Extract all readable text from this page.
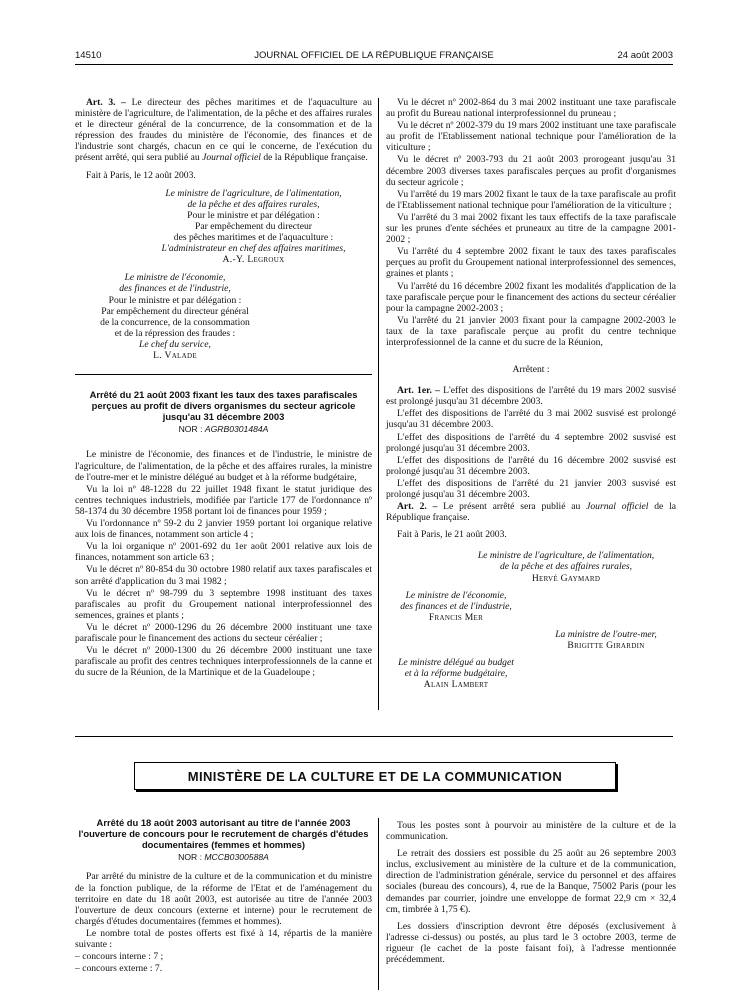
14510	JOURNAL OFFICIEL DE LA RÉPUBLIQUE FRANÇAISE	24 août 2003

Art. 3. – Le directeur des pêches maritimes et de l'aquaculture au ministère de l'agriculture, de l'alimentation, de la pêche et des affaires rurales et le directeur général de la concurrence, de la consommation et de la répression des fraudes du ministère de l'économie, des finances et de l'industrie sont chargés, chacun en ce qui le concerne, de l'exécution du présent arrêté, qui sera publié au Journal officiel de la République française.

Fait à Paris, le 12 août 2003.

Le ministre de l'agriculture, de l'alimentation,
de la pêche et des affaires rurales,
Pour le ministre et par délégation :
Par empêchement du directeur
des pêches maritimes et de l'aquaculture :
L'administrateur en chef des affaires maritimes,
A.-Y. Legroux
Le ministre de l'économie,
des finances et de l'industrie,
Pour le ministre et par délégation :
Par empêchement du directeur général
de la concurrence, de la consommation
et de la répression des fraudes :
Le chef du service,
L. Valade
Arrêté du 21 août 2003 fixant les taux des taxes parafiscales perçues au profit de divers organismes du secteur agricole jusqu'au 31 décembre 2003
NOR : AGRB0301484A

Le ministre de l'économie, des finances et de l'industrie, le ministre de l'agriculture, de l'alimentation, de la pêche et des affaires rurales, la ministre de l'outre-mer et le ministre délégué au budget et à la réforme budgétaire,

Vu la loi nº 48-1228 du 22 juillet 1948 fixant le statut juridique des centres techniques industriels, modifiée par l'article 177 de l'ordonnance nº 58-1374 du 30 décembre 1958 portant loi de finances pour 1959 ;

Vu l'ordonnance nº 59-2 du 2 janvier 1959 portant loi organique relative aux lois de finances, notamment son article 4 ;

Vu la loi organique nº 2001-692 du 1er août 2001 relative aux lois de finances, notamment son article 63 ;

Vu le décret nº 80-854 du 30 octobre 1980 relatif aux taxes parafiscales et son arrêté d'application du 3 mai 1982 ;

Vu le décret nº 98-799 du 3 septembre 1998 instituant des taxes parafiscales au profit du Groupement national interprofessionnel des semences, graines et plants ;

Vu le décret nº 2000-1296 du 26 décembre 2000 instituant une taxe parafiscale pour le financement des actions du secteur céréalier ;

Vu le décret nº 2000-1300 du 26 décembre 2000 instituant une taxe parafiscale au profit des centres techniques interprofessionnels de la canne et du sucre de la Réunion, de la Martinique et de la Guadeloupe ;

Vu le décret nº 2002-864 du 3 mai 2002 instituant une taxe parafiscale au profit du Bureau national interprofessionnel du pruneau ;

Vu le décret nº 2002-379 du 19 mars 2002 instituant une taxe parafiscale au profit de l'Etablissement national technique pour l'amélioration de la viticulture ;

Vu le décret nº 2003-793 du 21 août 2003 prorogeant jusqu'au 31 décembre 2003 diverses taxes parafiscales perçues au profit d'organismes du secteur agricole ;

Vu l'arrêté du 19 mars 2002 fixant le taux de la taxe parafiscale au profit de l'Etablissement national technique pour l'amélioration de la viticulture ;

Vu l'arrêté du 3 mai 2002 fixant les taux effectifs de la taxe parafiscale sur les prunes d'ente séchées et pruneaux au titre de la campagne 2001-2002 ;

Vu l'arrêté du 4 septembre 2002 fixant le taux des taxes parafiscales perçues au profit du Groupement national interprofessionnel des semences, graines et plants ;

Vu l'arrêté du 16 décembre 2002 fixant les modalités d'application de la taxe parafiscale perçue pour le financement des actions du secteur céréalier pour la campagne 2002-2003 ;

Vu l'arrêté du 21 janvier 2003 fixant pour la campagne 2002-2003 le taux de la taxe parafiscale perçue au profit du centre technique interprofessionnel de la canne et du sucre de la Réunion,

Arrêtent :

Art. 1er. – L'effet des dispositions de l'arrêté du 19 mars 2002 susvisé est prolongé jusqu'au 31 décembre 2003.

L'effet des dispositions de l'arrêté du 3 mai 2002 susvisé est prolongé jusqu'au 31 décembre 2003.

L'effet des dispositions de l'arrêté du 4 septembre 2002 susvisé est prolongé jusqu'au 31 décembre 2003.

L'effet des dispositions de l'arrêté du 16 décembre 2002 susvisé est prolongé jusqu'au 31 décembre 2003.

L'effet des dispositions de l'arrêté du 21 janvier 2003 susvisé est prolongé jusqu'au 31 décembre 2003.

Art. 2. – Le présent arrêté sera publié au Journal officiel de la République française.

Fait à Paris, le 21 août 2003.

Le ministre de l'agriculture, de l'alimentation,
de la pêche et des affaires rurales,
Hervé Gaymard
Le ministre de l'économie,
des finances et de l'industrie,
Francis Mer
La ministre de l'outre-mer,
Brigitte Girardin
Le ministre délégué au budget
et à la réforme budgétaire,
Alain Lambert
MINISTÈRE DE LA CULTURE ET DE LA COMMUNICATION
Arrêté du 18 août 2003 autorisant au titre de l'année 2003 l'ouverture de concours pour le recrutement de chargés d'études documentaires (femmes et hommes)
NOR : MCCB0300588A

Par arrêté du ministre de la culture et de la communication et du ministre de la fonction publique, de la réforme de l'Etat et de l'aménagement du territoire en date du 18 août 2003, est autorisée au titre de l'année 2003 l'ouverture de deux concours (externe et interne) pour le recrutement de chargés d'études documentaires (femmes et hommes).

Le nombre total de postes offerts est fixé à 14, répartis de la manière suivante :

– concours interne : 7 ;

– concours externe : 7.

Tous les postes sont à pourvoir au ministère de la culture et de la communication.

Le retrait des dossiers est possible du 25 août au 26 septembre 2003 inclus, exclusivement au ministère de la culture et de la communication, direction de l'administration générale, service du personnel et des affaires sociales (bureau des concours), 4, rue de la Banque, 75002 Paris (pour les demandes par courrier, joindre une enveloppe de format 22,9 cm × 32,4 cm, timbrée à 1,75 €).

Les dossiers d'inscription devront être déposés (exclusivement à l'adresse ci-dessus) ou postés, au plus tard le 3 octobre 2003, terme de rigueur (le cachet de la poste faisant foi), à l'adresse mentionnée précédemment.
